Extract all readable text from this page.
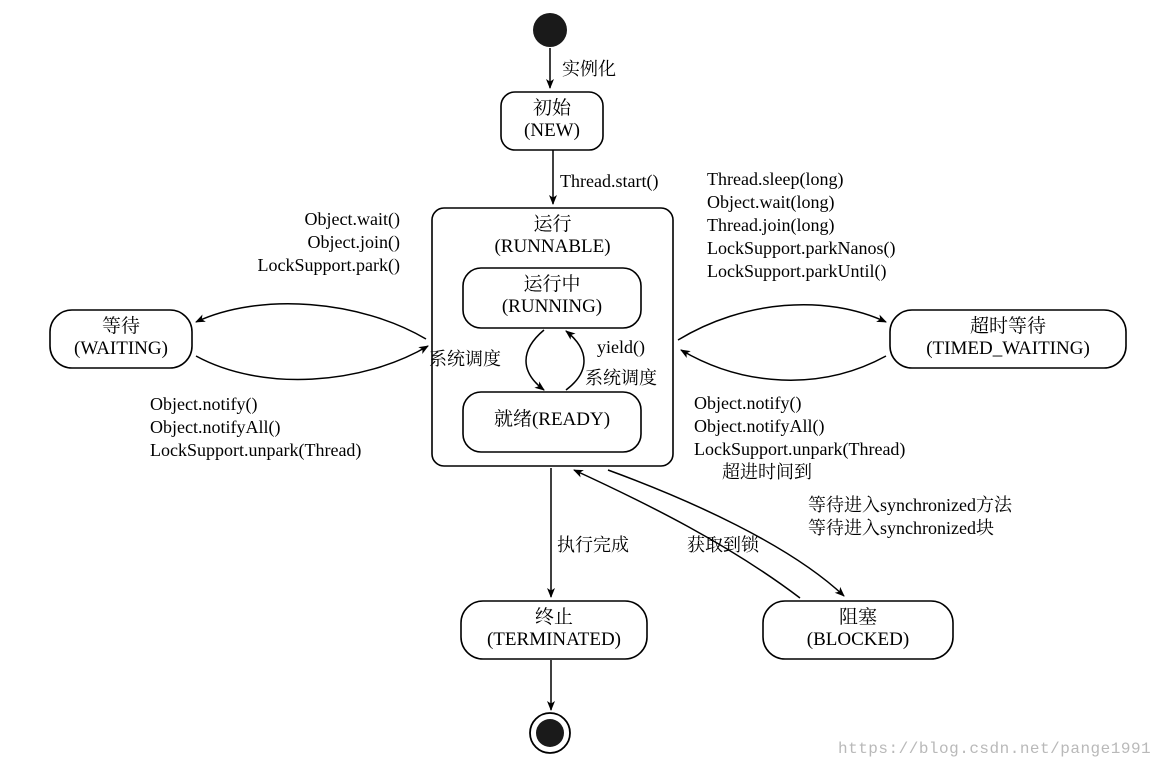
初始
(NEW)
运行
(RUNNABLE)
运行中
(RUNNING)
就绪(READY)
等待
(WAITING)
超时等待
(TIMED_WAITING)
终止
(TERMINATED)
阻塞
(BLOCKED)
实例化
Thread.start()
Object.wait()
Object.join()
LockSupport.park()
Object.notify()
Object.notifyAll()
LockSupport.unpark(Thread)
Thread.sleep(long)
Object.wait(long)
Thread.join(long)
LockSupport.parkNanos()
LockSupport.parkUntil()
Object.notify()
Object.notifyAll()
LockSupport.unpark(Thread)
超进时间到
系统调度
yield()
系统调度
执行完成	获取到锁
等待进入synchronized方法
等待进入synchronized块
https://blog.csdn.net/pange1991
